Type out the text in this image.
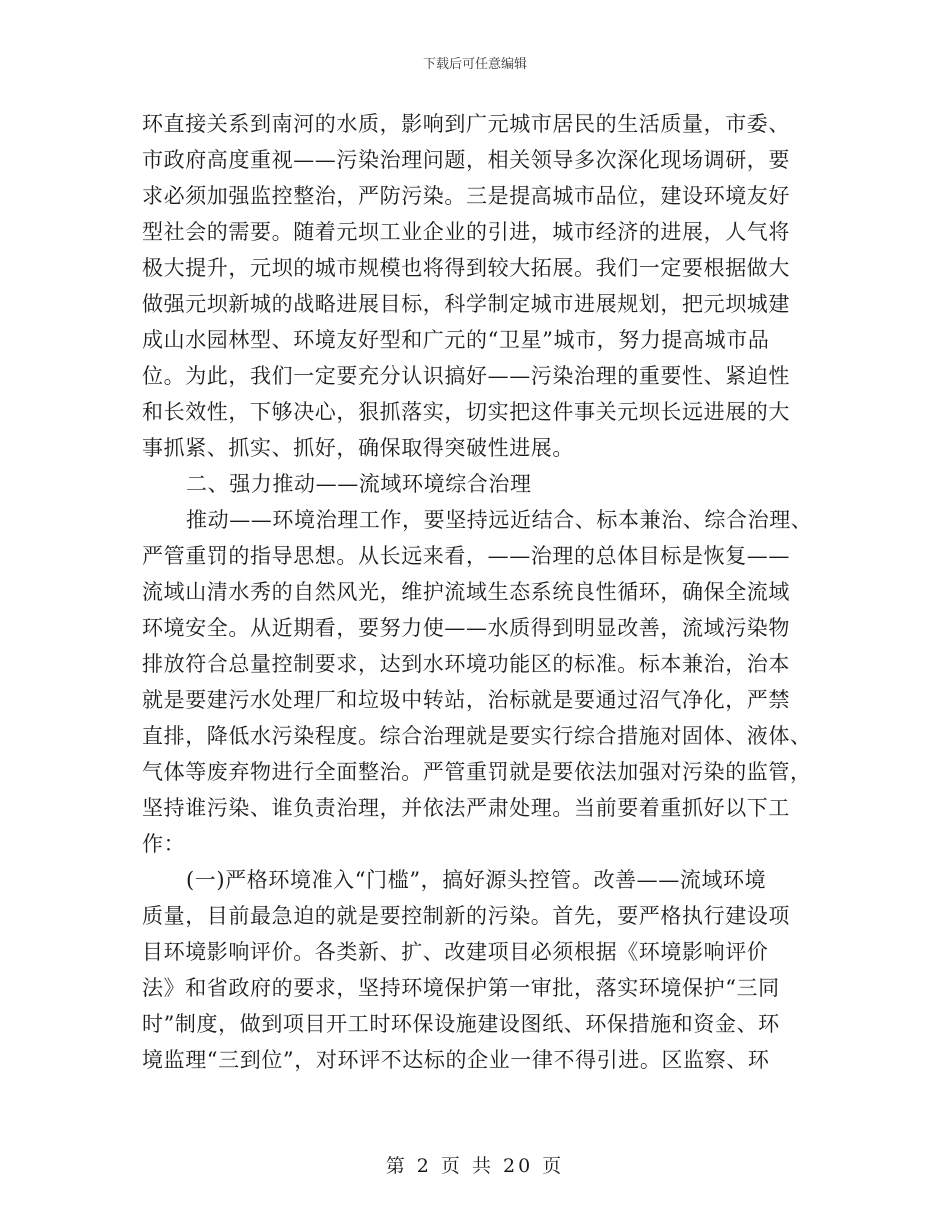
下载后可任意编辑
环直接关系到南河的水质，影响到广元城市居民的生活质量，市委、
市政府高度重视——污染治理问题，相关领导多次深化现场调研，要
求必须加强监控整治，严防污染。三是提高城市品位，建设环境友好
型社会的需要。随着元坝工业企业的引进，城市经济的进展，人气将
极大提升，元坝的城市规模也将得到较大拓展。我们一定要根据做大
做强元坝新城的战略进展目标，科学制定城市进展规划，把元坝城建
成山水园林型、环境友好型和广元的“卫星”城市，努力提高城市品
位。为此，我们一定要充分认识搞好——污染治理的重要性、紧迫性
和长效性，下够决心，狠抓落实，切实把这件事关元坝长远进展的大
事抓紧、抓实、抓好，确保取得突破性进展。
二、强力推动——流域环境综合治理
推动——环境治理工作，要坚持远近结合、标本兼治、综合治理、
严管重罚的指导思想。从长远来看，——治理的总体目标是恢复——
流域山清水秀的自然风光，维护流域生态系统良性循环，确保全流域
环境安全。从近期看，要努力使——水质得到明显改善，流域污染物
排放符合总量控制要求，达到水环境功能区的标准。标本兼治，治本
就是要建污水处理厂和垃圾中转站，治标就是要通过沼气净化，严禁
直排，降低水污染程度。综合治理就是要实行综合措施对固体、液体、
气体等废弃物进行全面整治。严管重罚就是要依法加强对污染的监管，
坚持谁污染、谁负责治理，并依法严肃处理。当前要着重抓好以下工
作：
(一)严格环境准入“门槛”，搞好源头控管。改善——流域环境
质量，目前最急迫的就是要控制新的污染。首先，要严格执行建设项
目环境影响评价。各类新、扩、改建项目必须根据《环境影响评价
法》和省政府的要求，坚持环境保护第一审批，落实环境保护“三同
时”制度，做到项目开工时环保设施建设图纸、环保措施和资金、环
境监理“三到位”，对环评不达标的企业一律不得引进。区监察、环
第 2 页 共 20 页
